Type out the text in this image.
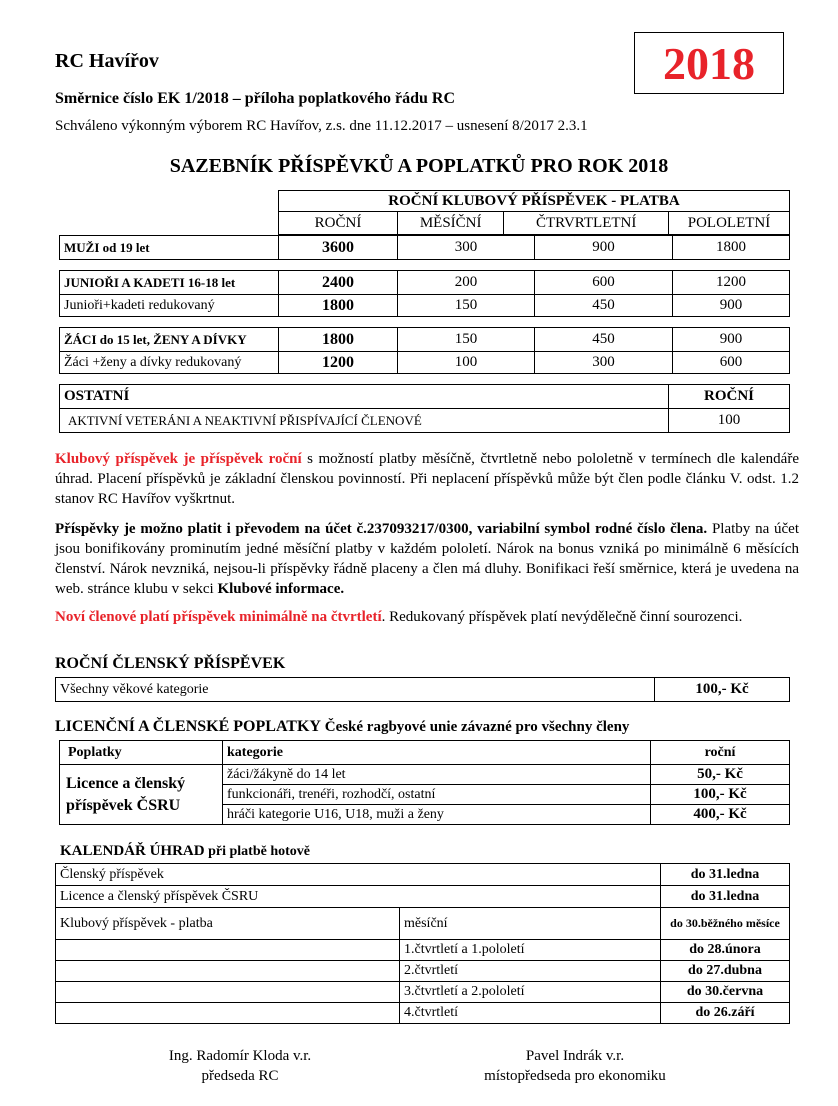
RC Havířov	2018
Směrnice číslo EK 1/2018 – příloha poplatkového řádu RC
Schváleno výkonným výborem RC Havířov, z.s. dne 11.12.2017 – usnesení 8/2017 2.3.1
SAZEBNÍK PŘÍSPĚVKŮ A POPLATKŮ PRO ROK 2018
ROČNÍ KLUBOVÝ PŘÍSPĚVEK - PLATBA
ROČNÍ	MĚSÍČNÍ	ČTRVRTLETNÍ	POLOLETNÍ
MUŽI od 19 let	3600	300	900	1800
JUNIOŘI A KADETI 16-18 let	2400	200	600	1200
Junioři+kadeti redukovaný	1800	150	450	900
ŽÁCI do 15 let, ŽENY A DÍVKY	1800	150	450	900
Žáci +ženy a dívky redukovaný	1200	100	300	600
OSTATNÍ	ROČNÍ
AKTIVNÍ VETERÁNI A NEAKTIVNÍ PŘISPÍVAJÍCÍ ČLENOVÉ	100
Klubový příspěvek je příspěvek roční s možností platby měsíčně, čtvrtletně nebo pololetně v termínech dle kalendáře úhrad. Placení příspěvků je základní členskou povinností. Při neplacení příspěvků může být člen podle článku V. odst. 1.2 stanov RC Havířov vyškrtnut.
Příspěvky je možno platit i převodem na účet č.237093217/0300, variabilní symbol rodné číslo člena. Platby na účet jsou bonifikovány prominutím jedné měsíční platby v každém pololetí. Nárok na bonus vzniká po minimálně 6 měsících členství. Nárok nevzniká, nejsou-li příspěvky řádně placeny a člen má dluhy. Bonifikaci řeší směrnice, která je uvedena na web. stránce klubu v sekci Klubové informace.
Noví členové platí příspěvek minimálně na čtvrtletí. Redukovaný příspěvek platí nevýdělečně činní sourozenci.
ROČNÍ ČLENSKÝ PŘÍSPĚVEK
Všechny věkové kategorie	100,- Kč
LICENČNÍ A ČLENSKÉ POPLATKY České ragbyové unie závazné pro všechny členy
Poplatky	kategorie	roční
Licence a členský příspěvek ČSRU	žáci/žákyně do 14 let	50,- Kč
	funkcionáři, trenéři, rozhodčí, ostatní	100,- Kč
	hráči kategorie U16, U18, muži a ženy	400,- Kč
KALENDÁŘ ÚHRAD při platbě hotově
Členský příspěvek		do 31.ledna
Licence a členský příspěvek ČSRU		do 31.ledna
Klubový příspěvek - platba	měsíční	do 30.běžného měsíce
	1.čtvrtletí a 1.pololetí	do 28.února
	2.čtvrtletí	do 27.dubna
	3.čtvrtletí a 2.pololetí	do 30.června
	4.čtvrtletí	do 26.září
Ing. Radomír Kloda v.r.
předseda RC
Pavel Indrák v.r.
místopředseda pro ekonomiku
